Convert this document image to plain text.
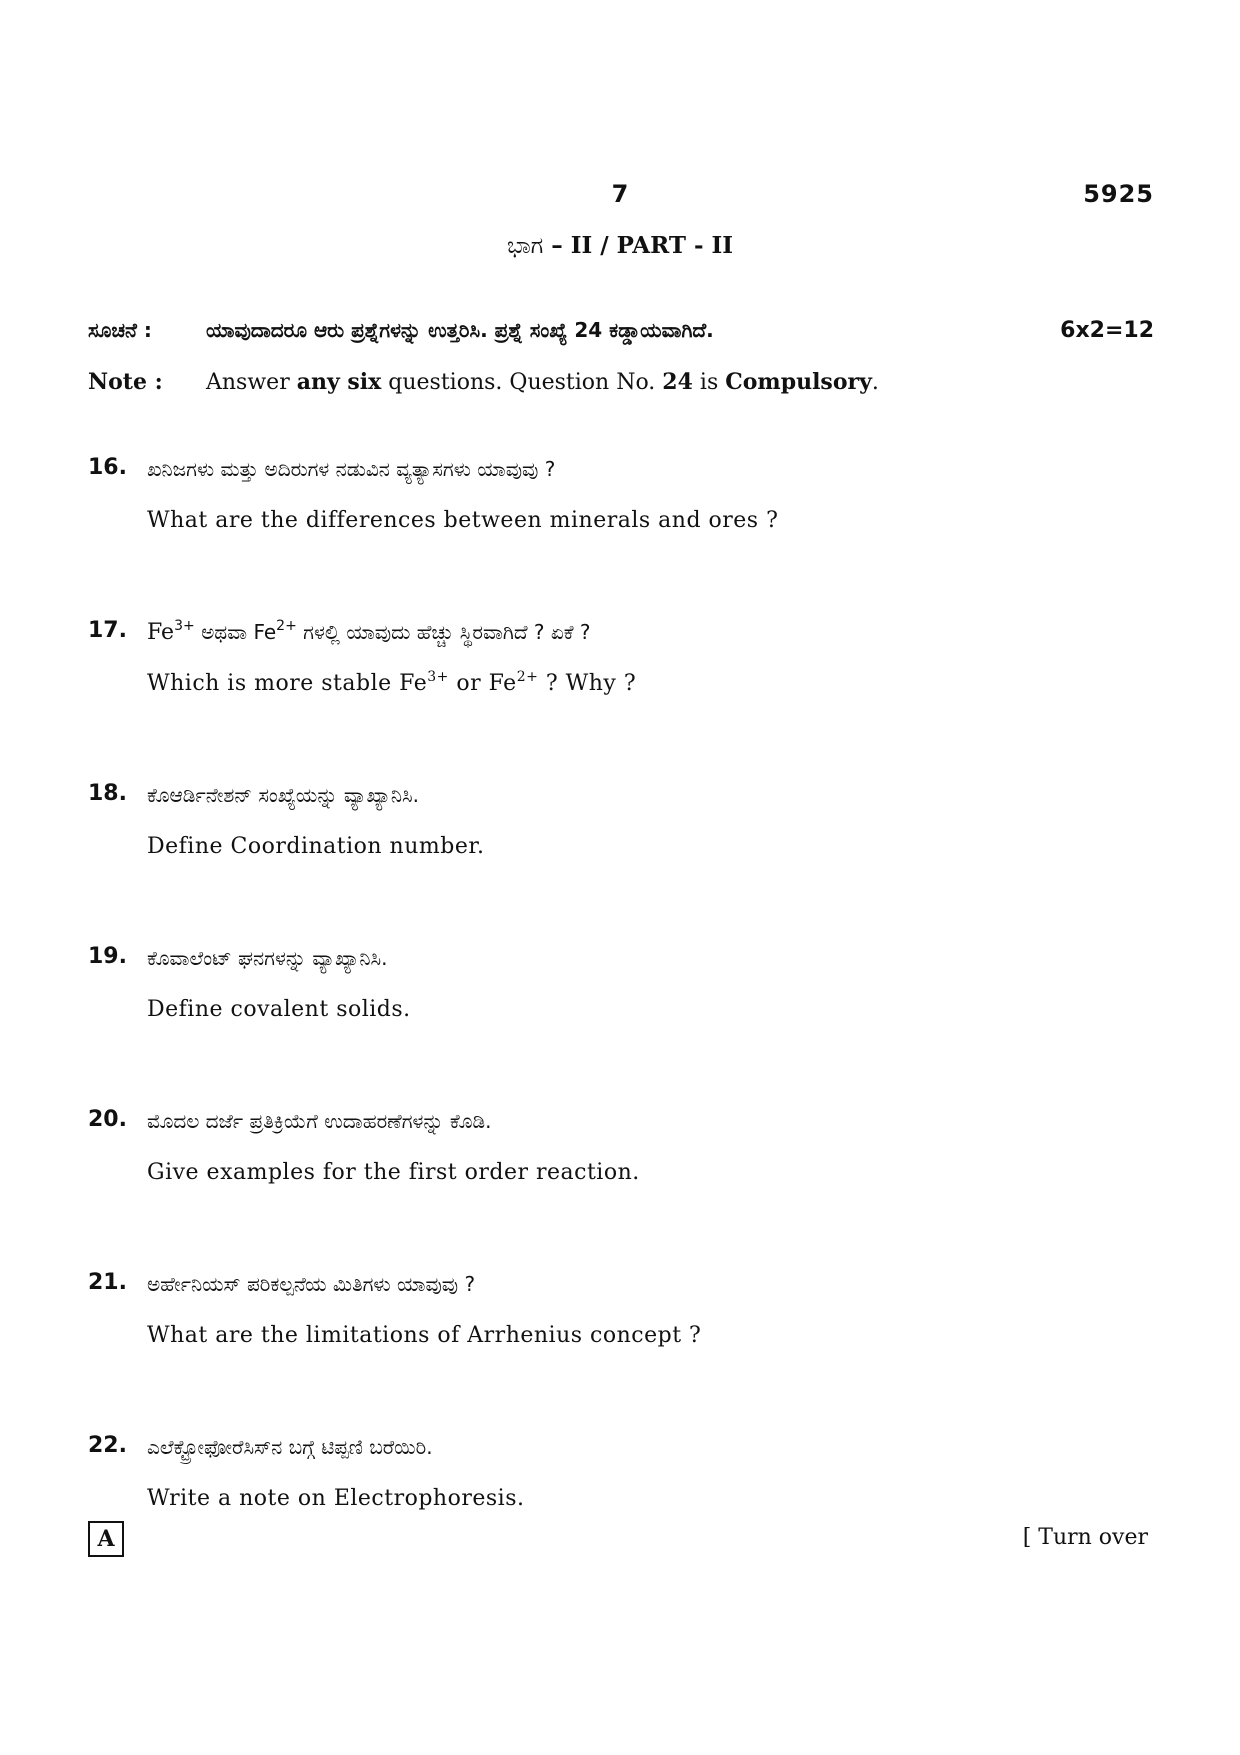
7	5925
ಭಾಗ – II / PART - II
ಸೂಚನೆ :	ಯಾವುದಾದರೂ ಆರು ಪ್ರಶ್ನೆಗಳನ್ನು ಉತ್ತರಿಸಿ. ಪ್ರಶ್ನೆ ಸಂಖ್ಯೆ 24 ಕಡ್ಡಾಯವಾಗಿದೆ.	6x2=12
Note : Answer any six questions. Question No. 24 is Compulsory.
16. ಖನಿಜಗಳು ಮತ್ತು ಅದಿರುಗಳ ನಡುವಿನ ವ್ಯತ್ಯಾಸಗಳು ಯಾವುವು ?
What are the differences between minerals and ores ?
17. $Fe^{3+}$ ಅಥವಾ $Fe^{2+}$ ಗಳಲ್ಲಿ ಯಾವುದು ಹೆಚ್ಚು ಸ್ಥಿರವಾಗಿದೆ ? ಏಕೆ ?
Which is more stable $Fe^{3+}$ or $Fe^{2+}$ ? Why ?
18. ಕೊಆರ್ಡಿನೇಶನ್ ಸಂಖ್ಯೆಯನ್ನು ವ್ಯಾಖ್ಯಾನಿಸಿ.
Define Coordination number.
19. ಕೊವಾಲೆಂಟ್ ಘನಗಳನ್ನು ವ್ಯಾಖ್ಯಾನಿಸಿ.
Define covalent solids.
20. ಮೊದಲ ದರ್ಜೆ ಪ್ರತಿಕ್ರಿಯೆಗೆ ಉದಾಹರಣೆಗಳನ್ನು ಕೊಡಿ.
Give examples for the first order reaction.
21. ಅರ್ಹೇನಿಯಸ್ ಪರಿಕಲ್ಪನೆಯ ಮಿತಿಗಳು ಯಾವುವು ?
What are the limitations of Arrhenius concept ?
22. ಎಲೆಕ್ಟ್ರೋಫೋರೆಸಿಸ್‌ನ ಬಗ್ಗೆ ಟಿಪ್ಪಣಿ ಬರೆಯಿರಿ.
Write a note on Electrophoresis.
A	[ Turn over
